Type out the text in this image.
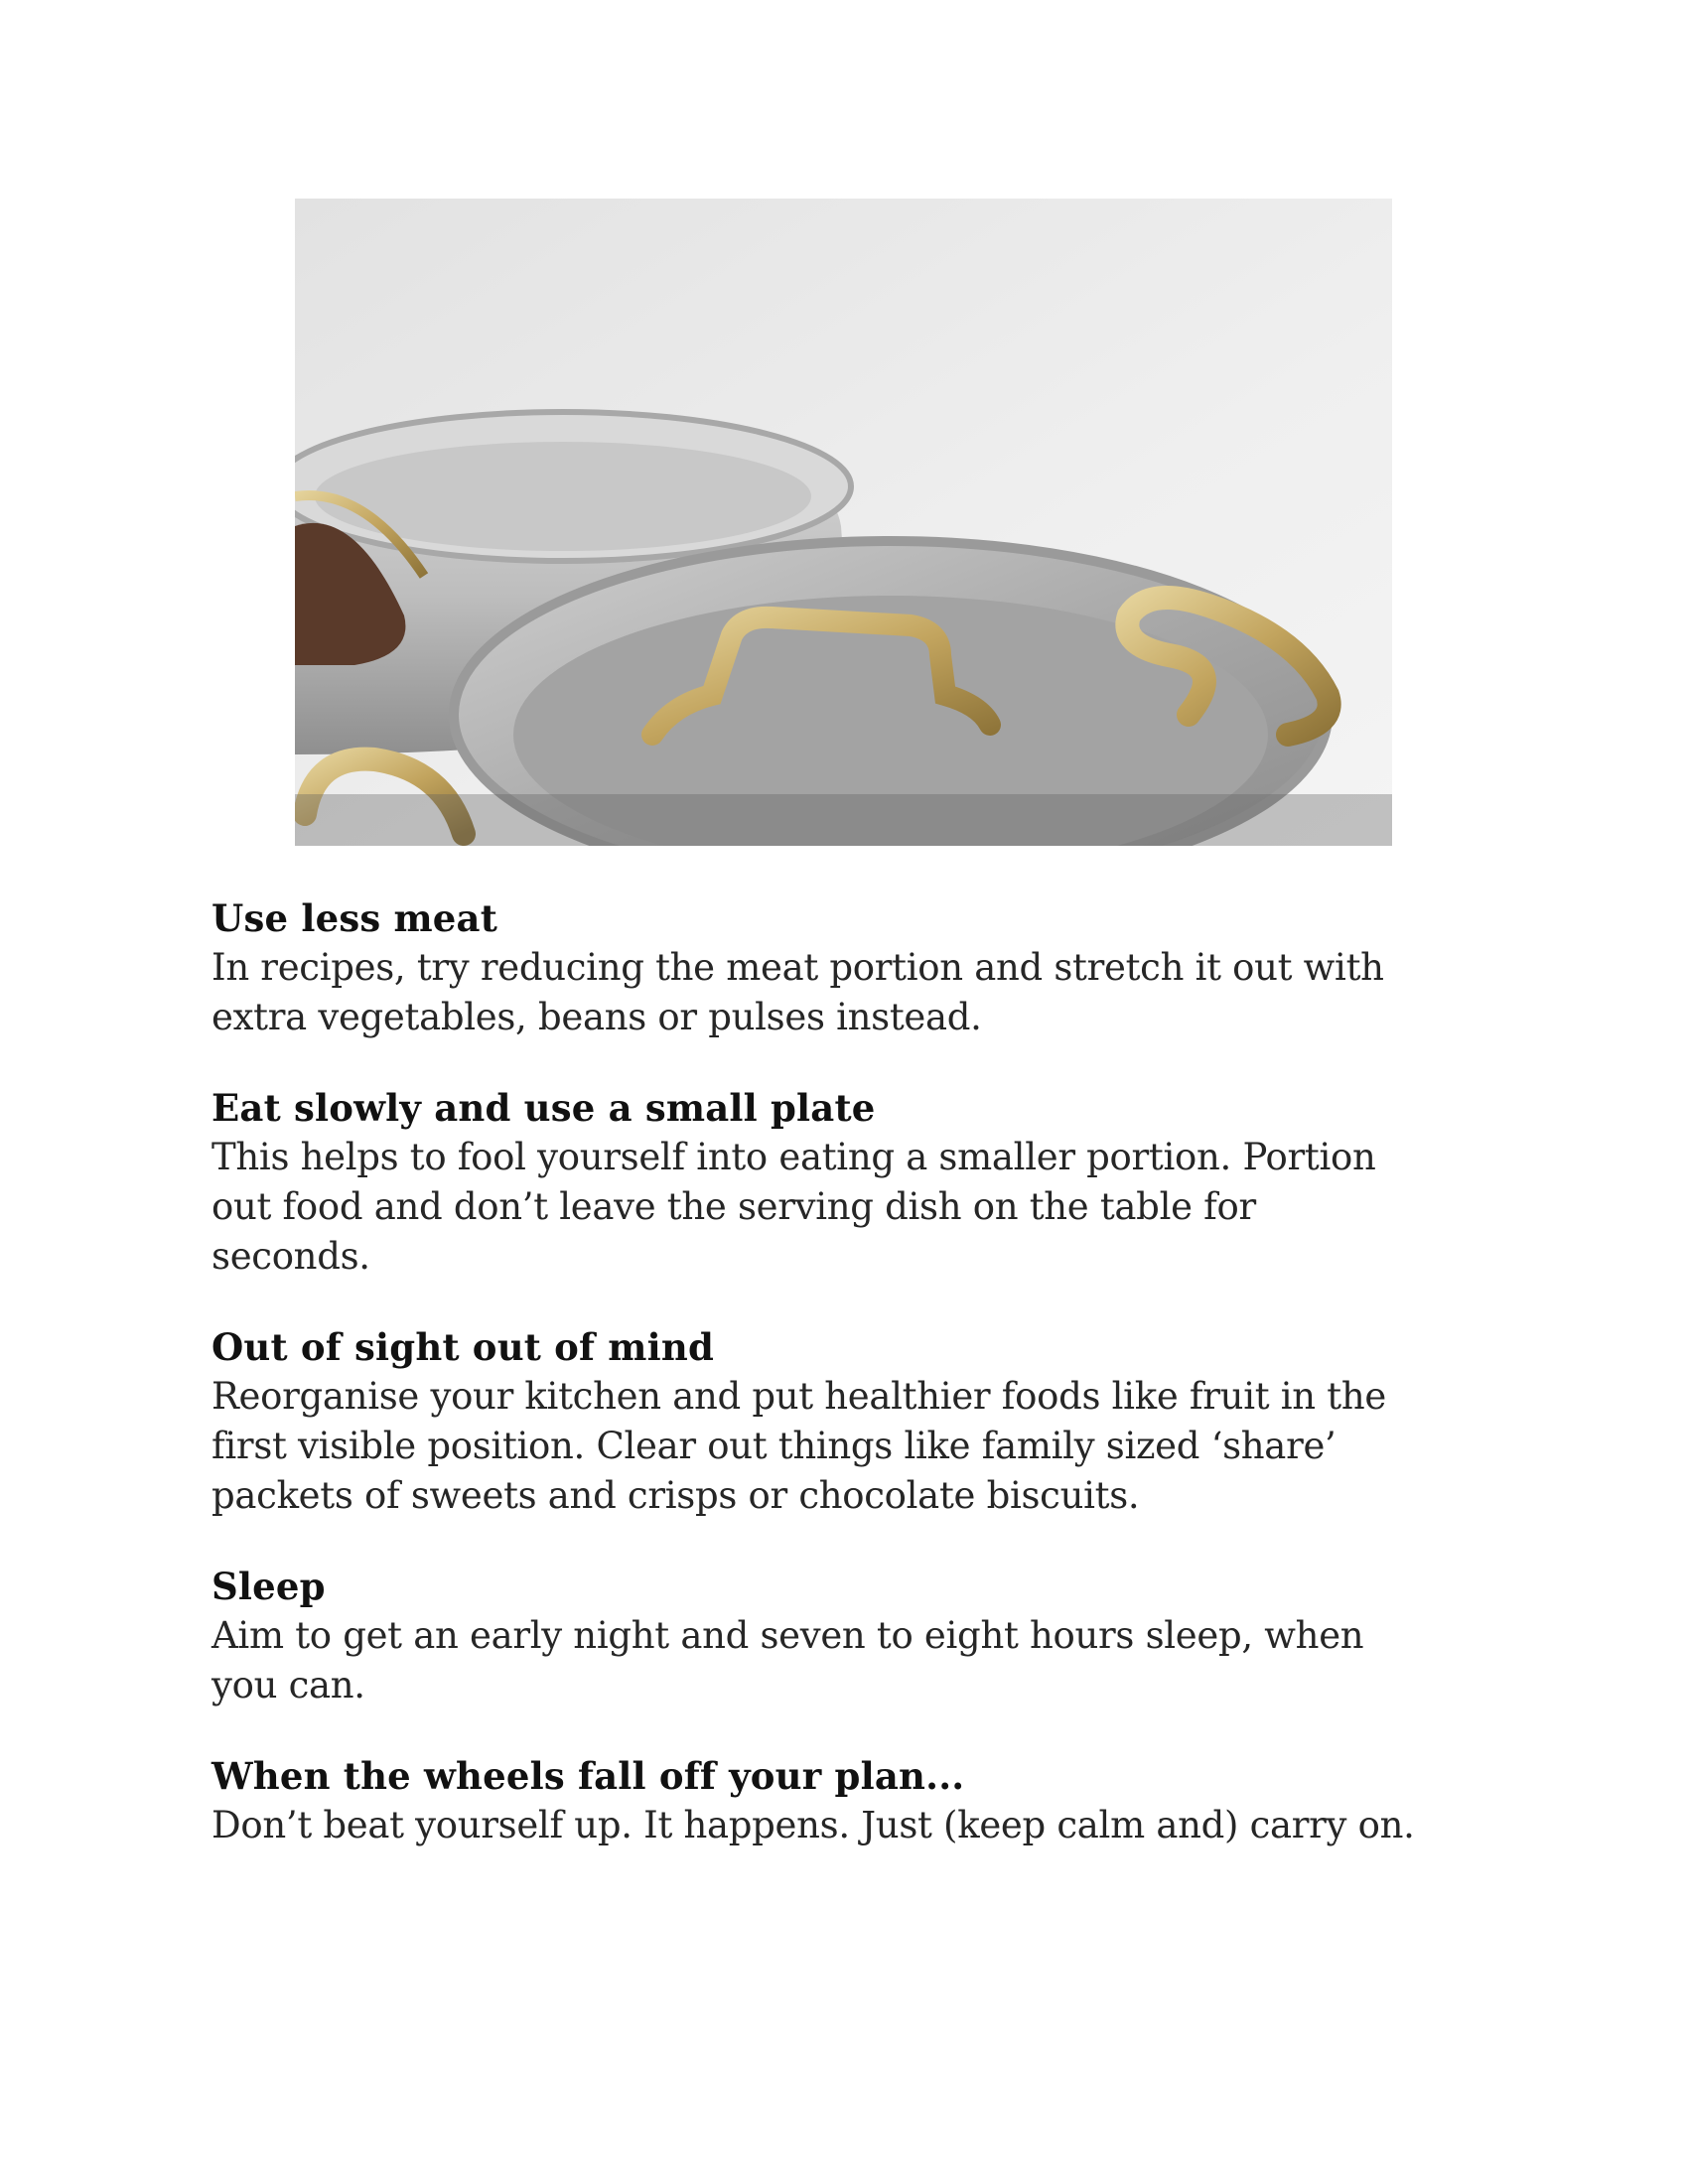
Use less meat

In recipes, try reducing the meat portion and stretch it out with
extra vegetables, beans or pulses instead.

Eat slowly and use a small plate

This helps to fool yourself into eating a smaller portion. Portion
out food and don’t leave the serving dish on the table for
seconds.

Out of sight out of mind

Reorganise your kitchen and put healthier foods like fruit in the
first visible position. Clear out things like family sized ‘share’
packets of sweets and crisps or chocolate biscuits.

Sleep

Aim to get an early night and seven to eight hours sleep, when
you can.

When the wheels fall off your plan...

Don’t beat yourself up. It happens. Just (keep calm and) carry on.
